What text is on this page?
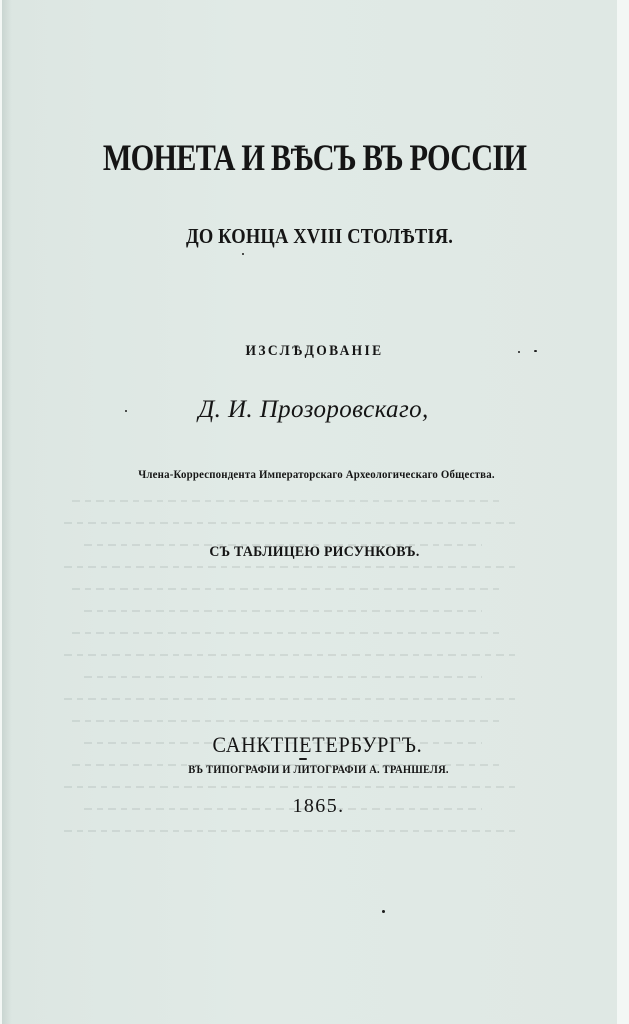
МОНЕТА И ВѢСЪ ВЪ РОССІИ
ДО КОНЦА XVIII СТОЛѢТІЯ.
ИЗСЛѢДОВАНІЕ
Д. И. Прозоровскаго,
Члена-Корреспондента Императорскаго Археологическаго Общества.
СЪ ТАБЛИЦЕЮ РИСУНКОВЪ.
САНКТПЕТЕРБУРГЪ.
ВЪ ТИПОГРАФІИ И ЛИТОГРАФІИ А. ТРАНШЕЛЯ.
1865.
